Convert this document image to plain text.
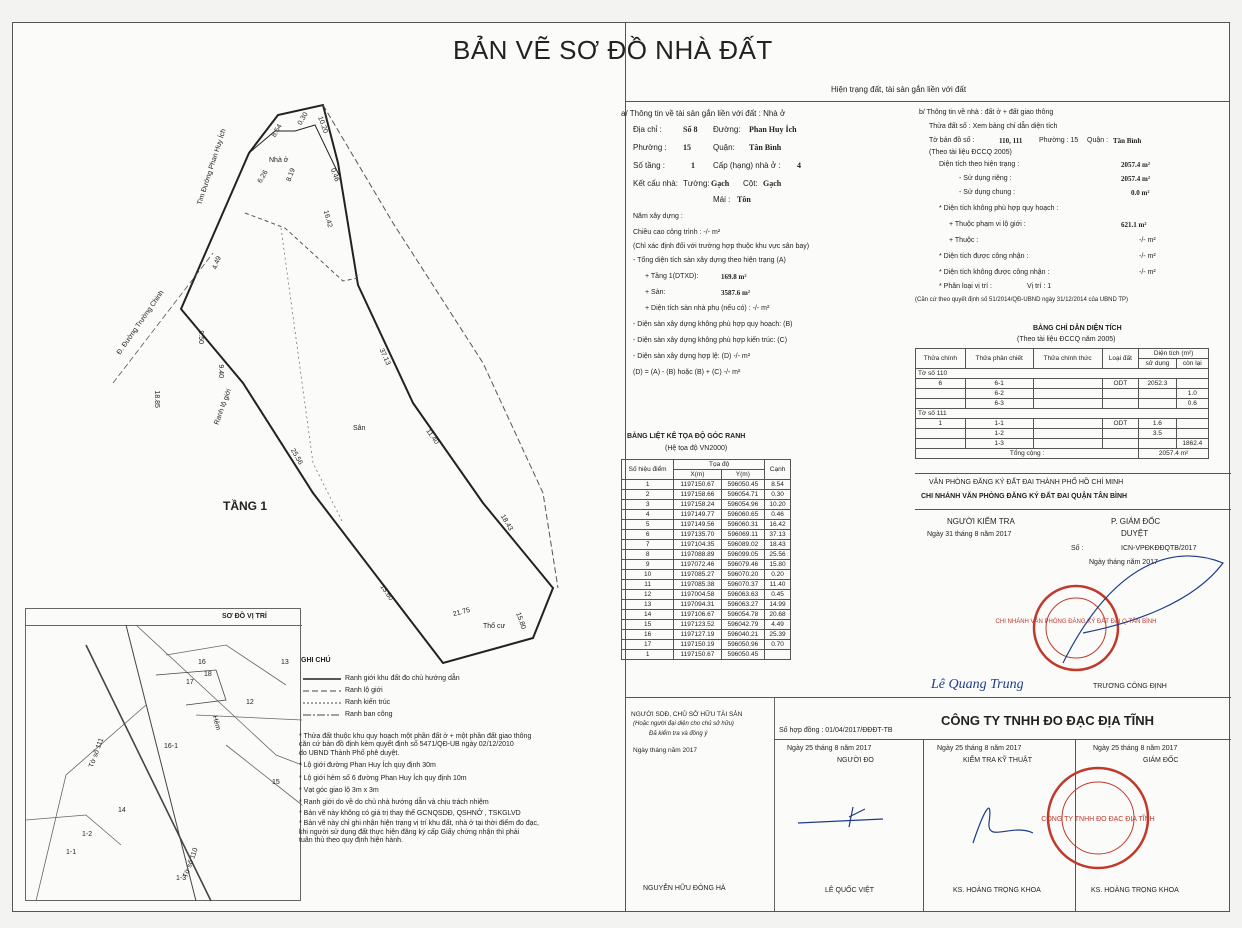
BẢN VẼ SƠ ĐỒ NHÀ ĐẤT
Hiện trạng đất, tài sản gắn liền với đất
Nhà ở
Sân
TẦNG 1
Thổ cư
Tim Đường Phan Huy Ích
Đ. Đường Trường Chinh
Ranh lộ giới
8.54	10.20
0.30
8.19	0.46
6.26
16.42
37.13
18.43
25.56
15.80
21.75
13.60
11.40
4.49
18.85
9.50
9.40
SƠ ĐỒ VỊ TRÍ
16-1
15
12
13
14
16
17
18
1-1
1-2
1-3
Tờ số 111
Tờ số 110
Hẻm
GHI CHÚ
Ranh giới khu đất đo chủ hướng dẫn
Ranh lộ giới
Ranh kiến trúc
Ranh ban công
* Thửa đất thuộc khu quy hoạch một phần đất ở + một phần đất giao thông
căn cứ bản đồ định kèm quyết định số 5471/QĐ-UB ngày 02/12/2010
do UBND Thành Phố phê duyệt.
* Lộ giới đường Phan Huy Ích quy định 30m
* Lộ giới hẻm số 6 đường Phan Huy Ích quy định 10m
* Vạt góc giao lộ 3m x 3m
* Ranh giới do về do chủ nhà hướng dẫn và chịu trách nhiệm
* Bản vẽ này không có giá trị thay thế GCNQSDĐ, QSHNỞ , TSKGLVD
* Bản vẽ này chỉ ghi nhận hiện trạng vị trí khu đất, nhà ở tại thời điểm đo đạc,
khi người sử dụng đất thực hiện đăng ký cấp Giấy chứng nhận thì phải
tuân thủ theo quy định hiện hành.
a/ Thông tin về tài sản gắn liền với đất : Nhà ở
Địa chỉ :	Số 8 Đường: Phan Huy Ích
Phường : 15	Quận: Tân Bình
Số tầng :	1 Cấp (hạng) nhà ở : 4
Kết cấu nhà: Tường: Gạch Cột: Gạch
Mái : Tôn
Năm xây dựng :
Chiều cao công trình : -/- m²
(Chỉ xác định đối với trường hợp thuộc khu vực sân bay)
- Tổng diện tích sàn xây dựng theo hiện trạng (A)
+ Tầng 1(DTXD):	169.8 m²
+ Sàn:	3587.6 m²
+ Diện tích sàn nhà phụ (nếu có) : -/- m²
- Diện sàn xây dựng không phù hợp quy hoạch: (B)
- Diện sàn xây dựng không phù hợp kiến trúc: (C)
- Diện sàn xây dựng hợp lệ: (D) -/- m²
(D) = (A) - (B) hoặc (B) + (C) -/- m²
BẢNG LIỆT KÊ TỌA ĐỘ GÓC RANH
(Hệ tọa độ VN2000)
Số hiệu điểm	Tọa độ		Cạnh
	X(m)	Y(m)	
1	1197150.67	596050.45	8.54
2	1197158.66	596054.71	0.30
3	1197158.24	596054.96	10.20
4	1197149.77	596060.65	0.46
5	1197149.56	596060.31	16.42
6	1197135.70	596069.11	37.13
7	1197104.35	596089.02	18.43
8	1197088.89	596099.05	25.56
9	1197072.46	596079.46	15.80
10	1197085.27	596070.20	0.20
11	1197085.38	596070.37	11.40
12	1197004.58	596063.63	0.45
13	1197094.31	596063.27	14.99
14	1197106.67	596054.78	20.68
15	1197123.52	596042.79	4.49
16	1197127.19	596040.21	25.39
17	1197150.19	596050.96	0.70
1	1197150.67	596050.45	
b/ Thông tin về nhà : đất ở + đất giao thông
Thửa đất số : Xem bảng chỉ dẫn diện tích
Tờ bản đồ số :	110, 111 Phường : 15 Quận : Tân Bình
(Theo tài liệu ĐCCQ 2005)
Diện tích theo hiện trạng :	2057.4 m²
- Sử dụng riêng :	2057.4 m²
- Sử dụng chung :	0.0 m²
* Diện tích không phù hợp quy hoạch :
+ Thuộc phạm vi lộ giới :	621.1 m²
+ Thuộc :	-/- m²
* Diện tích được công nhận :	-/- m²
* Diện tích không được công nhận :	-/- m²
* Phân loại vị trí :	Vị trí : 1
(Căn cứ theo quyết định số 51/2014/QĐ-UBND ngày 31/12/2014 của UBND TP)
BẢNG CHỈ DẪN DIỆN TÍCH
(Theo tài liệu ĐCCQ năm 2005)
Thửa chính	Thửa phân chiết	Thửa chính thức	Loại đất	Diện tích (m²)	
				sử dụng	còn lại
Tờ số 110					
6	6-1		ODT	2052.3	
	6-2				1.0
	6-3				0.6
Tờ số 111					
1	1-1		ODT	1.6	
	1-2			3.5	
	1-3				1862.4
Tổng cộng :				2057.4 m²	
VĂN PHÒNG ĐĂNG KÝ ĐẤT ĐAI THÀNH PHỐ HỒ CHÍ MINH
CHI NHÁNH VĂN PHÒNG ĐĂNG KÝ ĐẤT ĐAI QUẬN TÂN BÌNH
NGƯỜI KIỂM TRA
Ngày 31 tháng 8 năm 2017
Lê Quang Trung
P. GIÁM ĐỐC
DUYỆT
Số :	ICN-VPĐKĐĐQTB/2017
Ngày tháng năm 2017
TRƯƠNG CÔNG ĐỊNH
CHI NHÁNH VĂN PHÒNG ĐĂNG KÝ ĐẤT ĐAI Q.TÂN BÌNH
NGƯỜI SDĐ, CHỦ SỞ HỮU TÀI SẢN
(Hoặc người đại diện cho chủ sở hữu)
Đã kiểm tra và đồng ý
Ngày tháng năm 2017
NGUYỄN HỮU ĐÔNG HÀ
CÔNG TY TNHH ĐO ĐẠC ĐỊA TĨNH
Số hợp đồng : 01/04/2017/ĐĐĐT-TB
Ngày 25 tháng 8 năm 2017
NGƯỜI ĐO
LÊ QUỐC VIỆT
Ngày 25 tháng 8 năm 2017
KIỂM TRA KỸ THUẬT
KS. HOÀNG TRỌNG KHOA
Ngày 25 tháng 8 năm 2017
GIÁM ĐỐC
KS. HOÀNG TRỌNG KHOA
CÔNG TY TNHH ĐO ĐẠC ĐỊA TĨNH
